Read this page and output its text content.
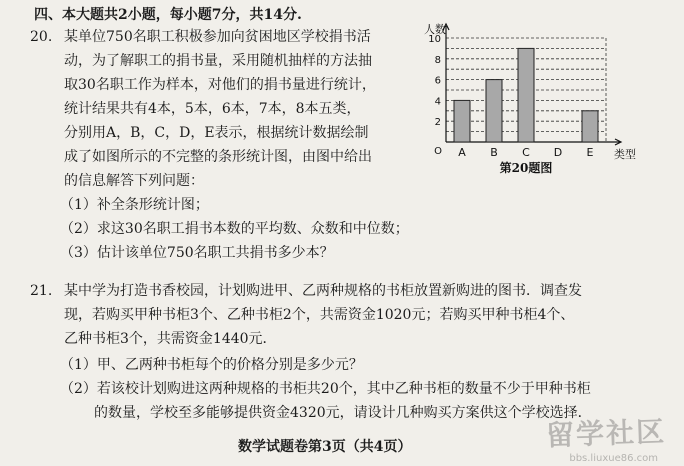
四、本大题共2小题，每小题7分，共14分.
20. 某单位750名职工积极参加向贫困地区学校捐书活
动，为了解职工的捐书量，采用随机抽样的方法抽
取30名职工作为样本，对他们的捐书量进行统计，
统计结果共有4本，5本，6本，7本，8本五类，
分别用A，B，C，D，E表示，根据统计数据绘制
成了如图所示的不完整的条形统计图，由图中给出
的信息解答下列问题：
（1）补全条形统计图；
（2）求这30名职工捐书本数的平均数、众数和中位数；
（3）估计该单位750名职工共捐书多少本？
2
4
6
8
10
O
人数
A B C D E 类型
第20题图
21. 某中学为打造书香校园，计划购进甲、乙两种规格的书柜放置新购进的图书．调查发
现，若购买甲种书柜3个、乙种书柜2个，共需资金1020元；若购买甲种书柜4个、
乙种书柜3个，共需资金1440元．
（1）甲、乙两种书柜每个的价格分别是多少元？
（2）若该校计划购进这两种规格的书柜共20个，其中乙种书柜的数量不少于甲种书柜
的数量，学校至多能够提供资金4320元，请设计几种购买方案供这个学校选择．
数学试题卷第3页（共4页）	留学社区
bbs.liuxue86.com
